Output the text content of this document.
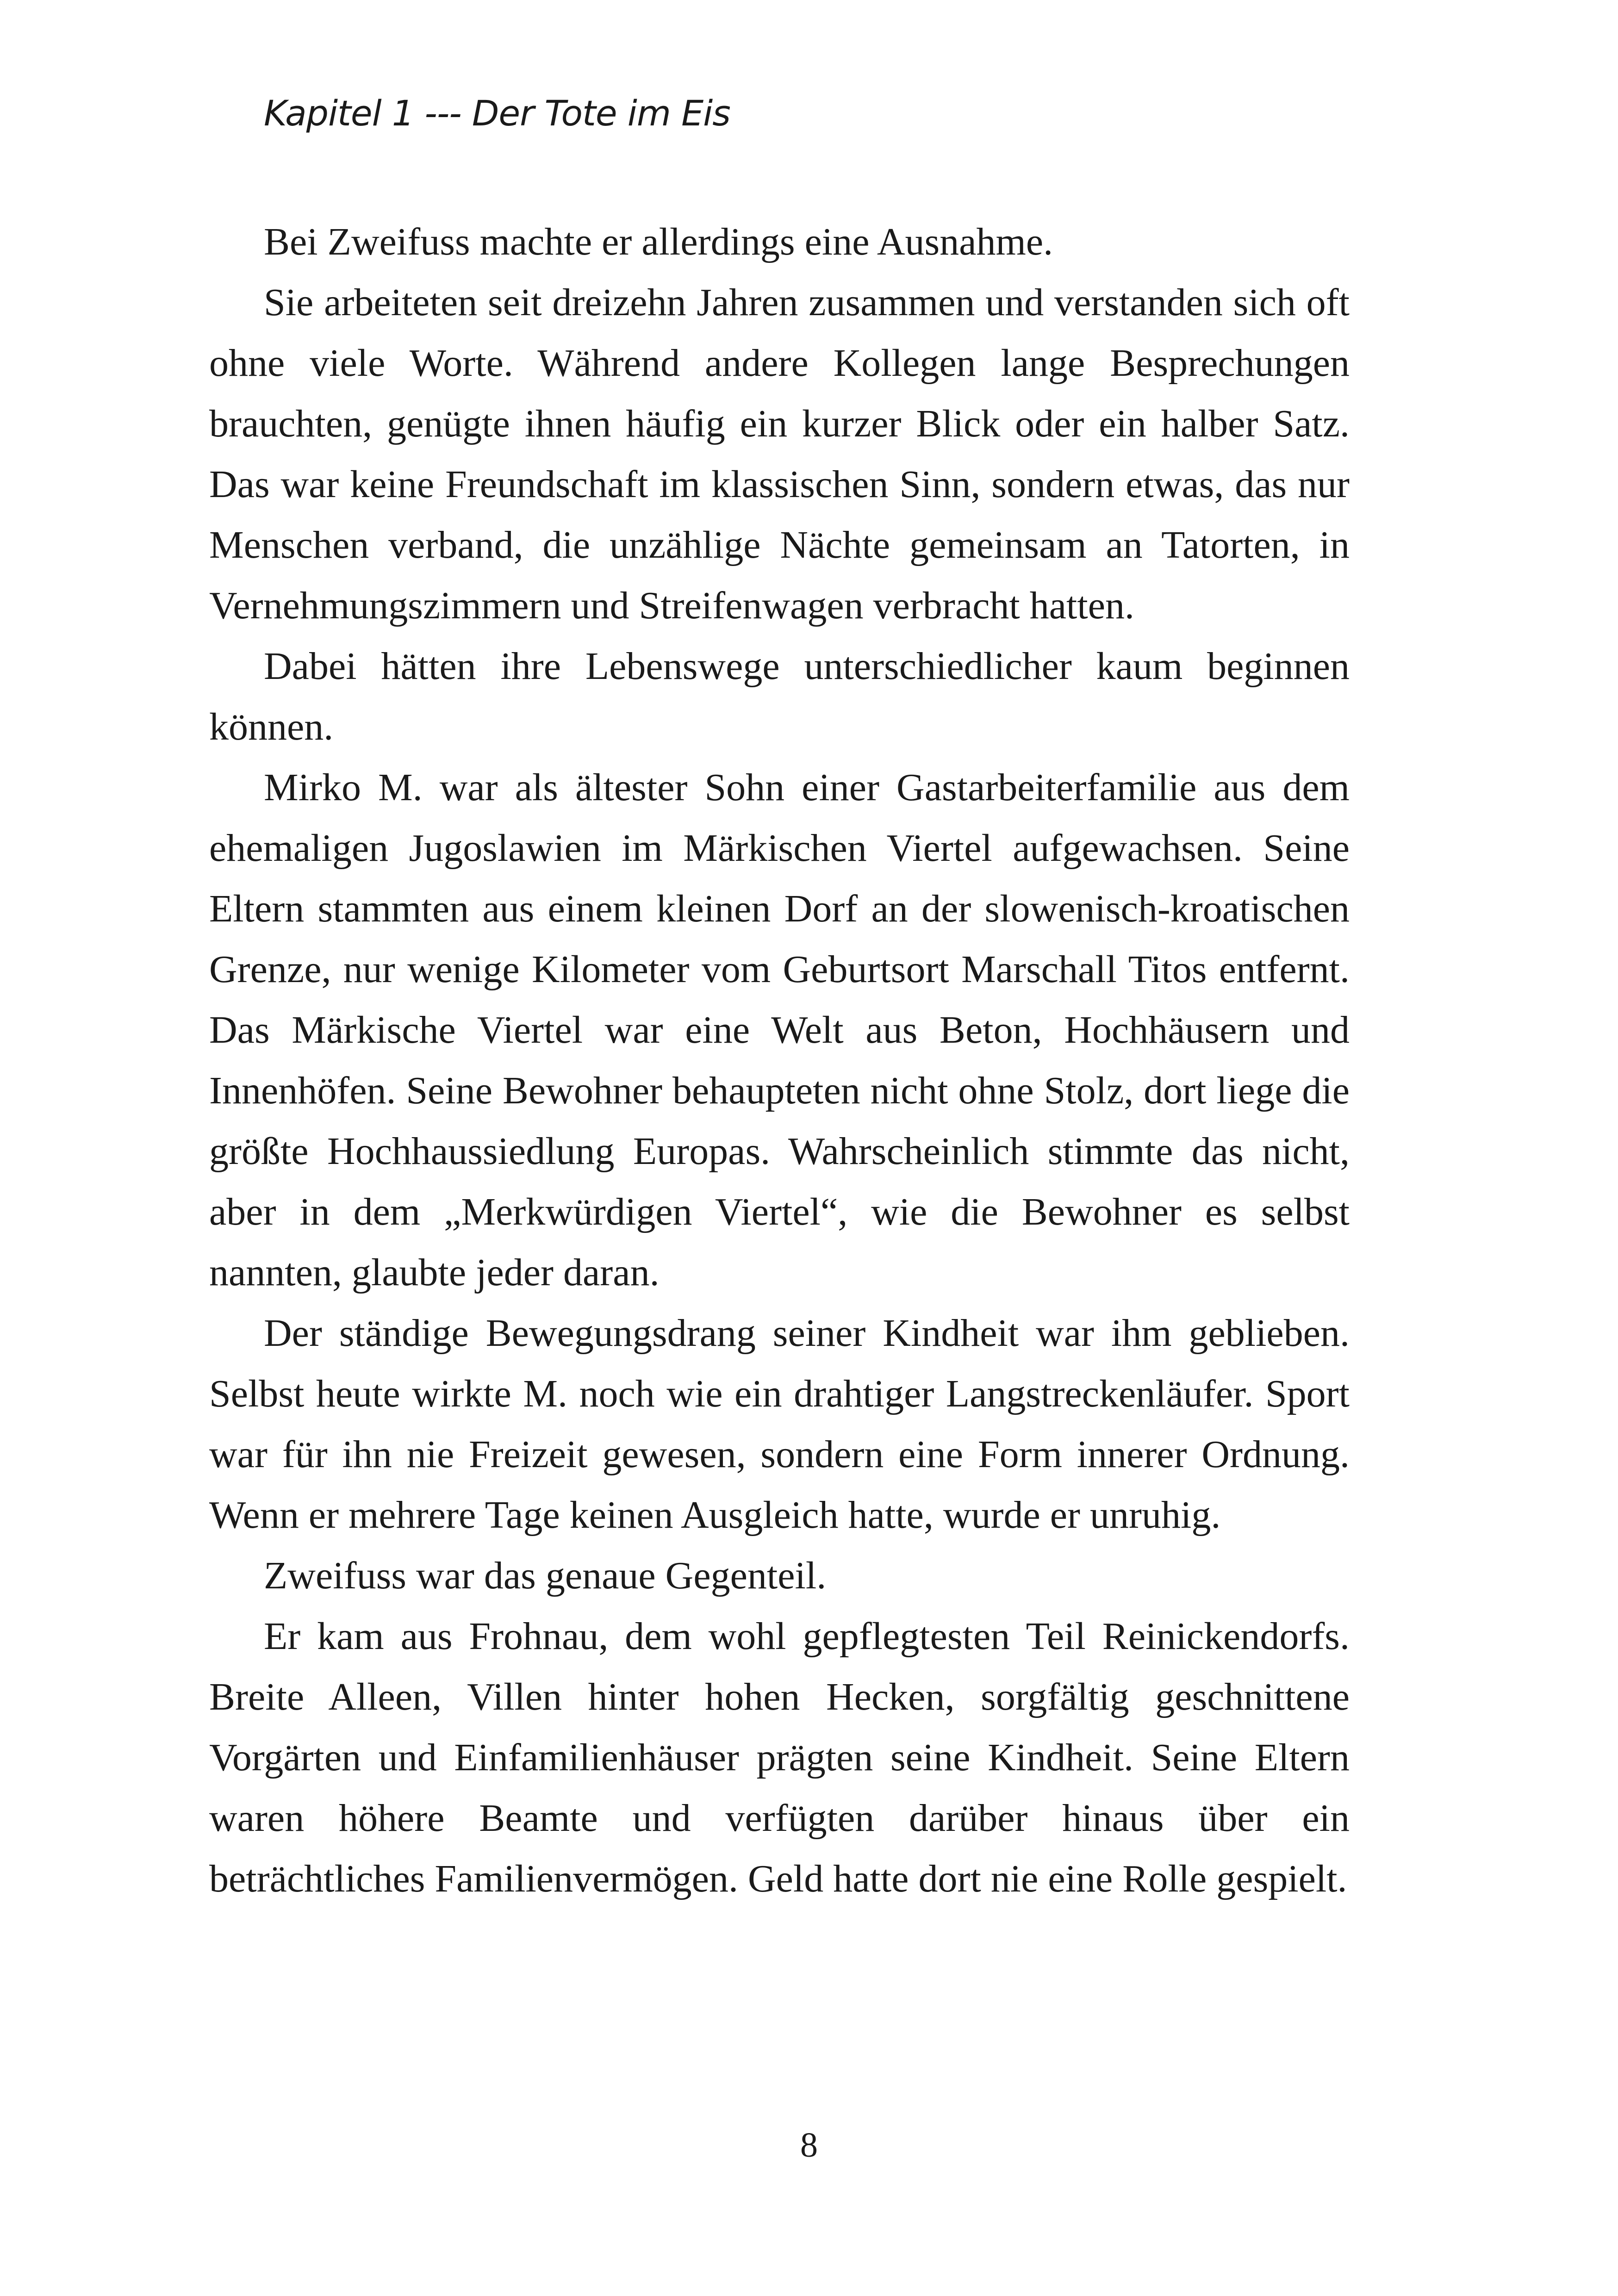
Kapitel 1 --- Der Tote im Eis

Bei Zweifuss machte er allerdings eine Ausnahme.

Sie arbeiteten seit dreizehn Jahren zusammen und verstanden sich oft ohne viele Worte. Während andere Kollegen lange Besprechungen brauchten, genügte ihnen häufig ein kurzer Blick oder ein halber Satz. Das war keine Freundschaft im klassischen Sinn, sondern etwas, das nur Menschen verband, die unzählige Nächte gemeinsam an Tatorten, in Vernehmungszimmern und Streifenwagen verbracht hatten.

Dabei hätten ihre Lebenswege unterschiedlicher kaum beginnen können.

Mirko M. war als ältester Sohn einer Gastarbeiterfamilie aus dem ehemaligen Jugoslawien im Märkischen Viertel aufgewachsen. Seine Eltern stammten aus einem kleinen Dorf an der slowenisch-kroatischen Grenze, nur wenige Kilometer vom Geburtsort Marschall Titos entfernt. Das Märkische Viertel war eine Welt aus Beton, Hochhäusern und Innenhöfen. Seine Bewohner behaupteten nicht ohne Stolz, dort liege die größte Hochhaussiedlung Europas. Wahrscheinlich stimmte das nicht, aber in dem „Merkwürdigen Viertel“, wie die Bewohner es selbst nannten, glaubte jeder daran.

Der ständige Bewegungsdrang seiner Kindheit war ihm geblieben. Selbst heute wirkte M. noch wie ein drahtiger Langstreckenläufer. Sport war für ihn nie Freizeit gewesen, sondern eine Form innerer Ordnung. Wenn er mehrere Tage keinen Ausgleich hatte, wurde er unruhig.

Zweifuss war das genaue Gegenteil.

Er kam aus Frohnau, dem wohl gepflegtesten Teil Reinickendorfs. Breite Alleen, Villen hinter hohen Hecken, sorgfältig geschnittene Vorgärten und Einfamilienhäuser prägten seine Kindheit. Seine Eltern waren höhere Beamte und verfügten darüber hinaus über ein beträchtliches Familienvermögen. Geld hatte dort nie eine Rolle gespielt.

8
